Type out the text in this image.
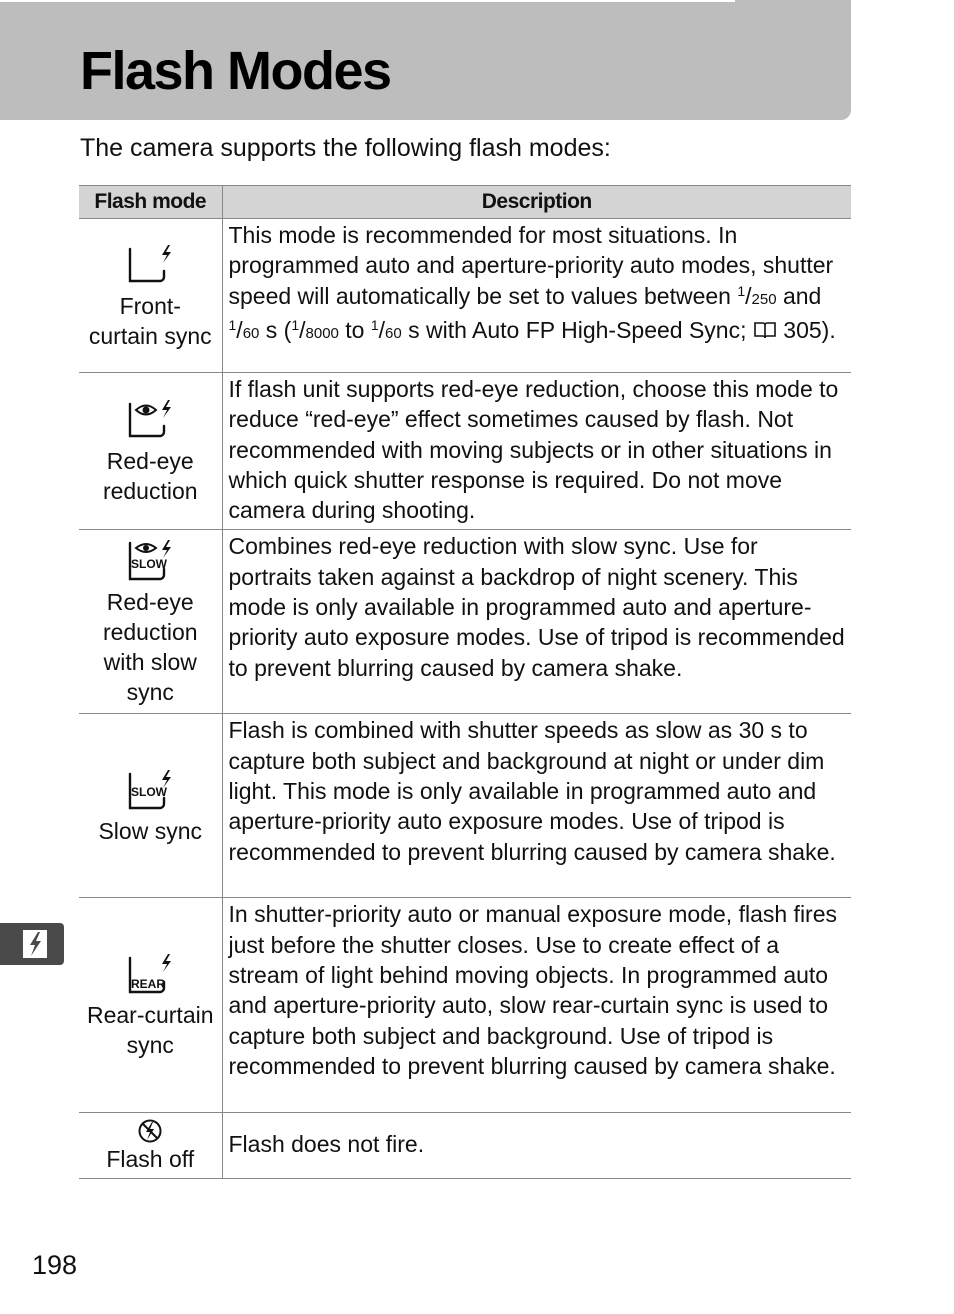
Flash Modes

The camera supports the following flash modes:

Flash mode	Description

Front-curtain sync	This mode is recommended for most situations. In programmed auto and aperture-priority auto modes, shutter speed will automatically be set to values between $^1$/250 and $^1$/60 s ($^1$/8000 to $^1$/60 s with Auto FP High-Speed Sync;  305).

Red-eye reduction	If flash unit supports red-eye reduction, choose this mode to reduce “red-eye” effect sometimes caused by flash. Not recommended with moving subjects or in other situations in which quick shutter response is required. Do not move camera during shooting.

SLOW
Red-eye reduction with slow sync	Combines red-eye reduction with slow sync. Use for portraits taken against a backdrop of night scenery. This mode is only available in programmed auto and aperture-priority auto exposure modes. Use of tripod is recommended to prevent blurring caused by camera shake.

SLOW
Slow sync	Flash is combined with shutter speeds as slow as 30 s to capture both subject and background at night or under dim light. This mode is only available in programmed auto and aperture-priority auto exposure modes. Use of tripod is recommended to prevent blurring caused by camera shake.

REAR
Rear-curtain sync	In shutter-priority auto or manual exposure mode, flash fires just before the shutter closes. Use to create effect of a stream of light behind moving objects. In programmed auto and aperture-priority auto, slow rear-curtain sync is used to capture both subject and background. Use of tripod is recommended to prevent blurring caused by camera shake.

Flash off	Flash does not fire.
198
